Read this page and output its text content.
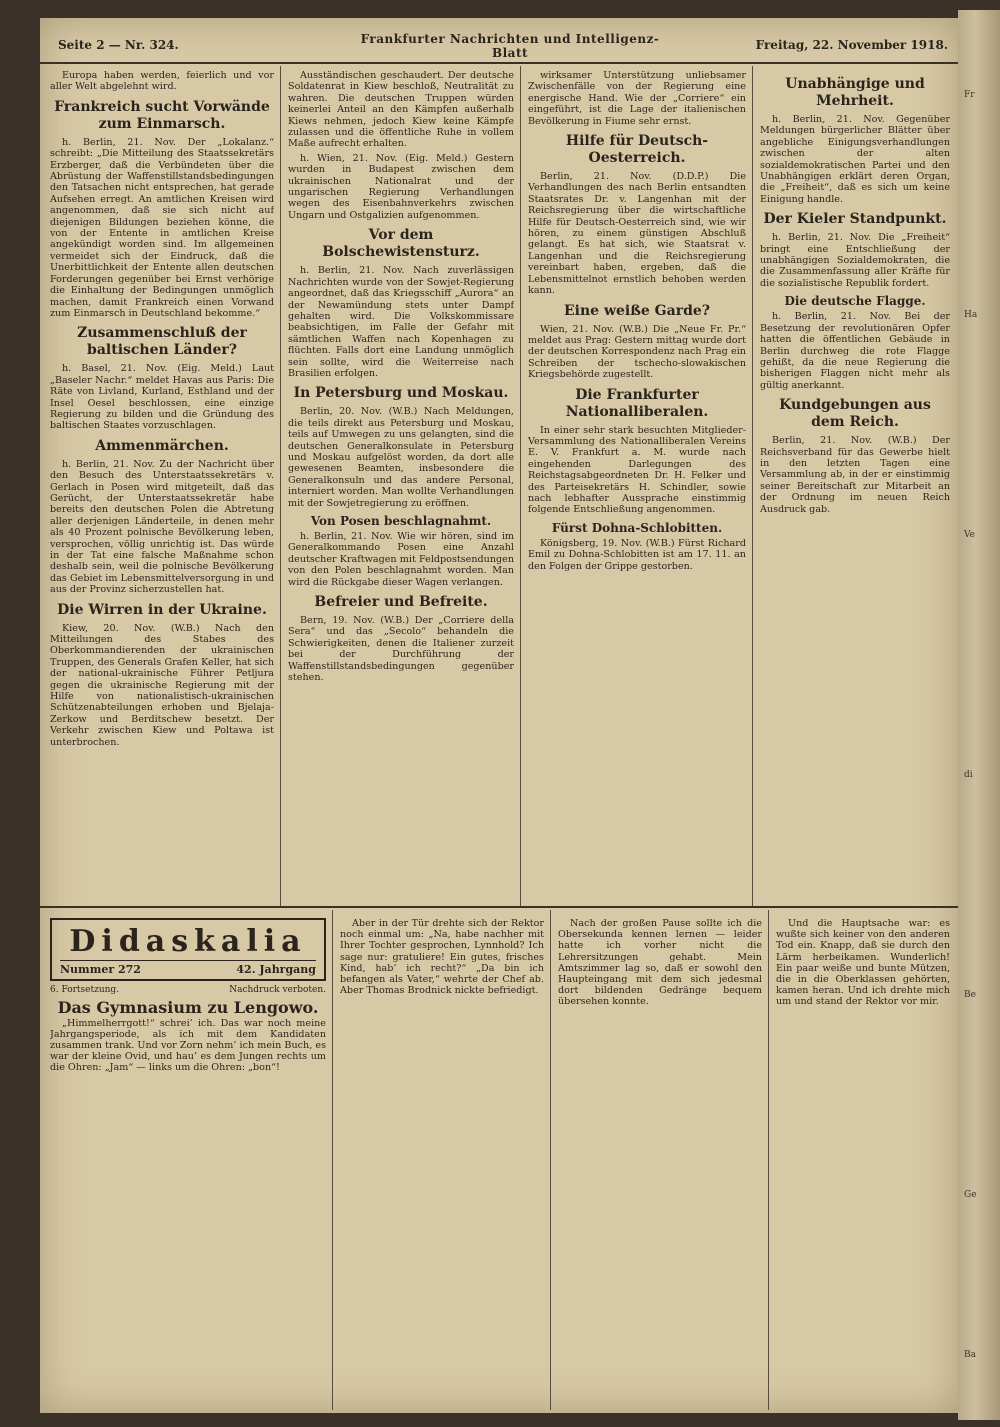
Fr
Ha
Ve
di
Be
Ge
Ba
Seite 2 — Nr. 324.	Frankfurter Nachrichten und Intelligenz-Blatt
Freitag, 22. November 1918.

Europa haben werden, feierlich und vor aller Welt abgelehnt wird.

Frankreich sucht Vorwände zum Einmarsch.

h. Berlin, 21. Nov. Der „Lokalanz.“ schreibt: „Die Mitteilung des Staatssekretärs Erzberger, daß die Verbündeten über die Abrüstung der Waffenstillstandsbedingungen den Tatsachen nicht entsprechen, hat gerade Aufsehen erregt. An amtlichen Kreisen wird angenommen, daß sie sich nicht auf diejenigen Bildungen beziehen könne, die von der Entente in amtlichen Kreise angekündigt worden sind. Im allgemeinen vermeidet sich der Eindruck, daß die Unerbittlichkeit der Entente allen deutschen Forderungen gegenüber bei Ernst verhörige die Einhaltung der Bedingungen unmöglich machen, damit Frankreich einen Vorwand zum Einmarsch in Deutschland bekomme.“

Zusammenschluß der baltischen Länder?

h. Basel, 21. Nov. (Eig. Meld.) Laut „Baseler Nachr.“ meldet Havas aus Paris: Die Räte von Livland, Kurland, Esthland und der Insel Oesel beschlossen, eine einzige Regierung zu bilden und die Gründung des baltischen Staates vorzuschlagen.

Ammenmärchen.

h. Berlin, 21. Nov. Zu der Nachricht über den Besuch des Unterstaatssekretärs v. Gerlach in Posen wird mitgeteilt, daß das Gerücht, der Unterstaatssekretär habe bereits den deutschen Polen die Abtretung aller derjenigen Länderteile, in denen mehr als 40 Prozent polnische Bevölkerung leben, versprochen, völlig unrichtig ist. Das würde in der Tat eine falsche Maßnahme schon deshalb sein, weil die polnische Bevölkerung das Gebiet im Lebensmittelversorgung in und aus der Provinz sicherzustellen hat.

Die Wirren in der Ukraine.

Kiew, 20. Nov. (W.B.) Nach den Mitteilungen des Stabes des Oberkommandierenden der ukrainischen Truppen, des Generals Grafen Keller, hat sich der national-ukrainische Führer Petljura gegen die ukrainische Regierung mit der Hilfe von nationalistisch-ukrainischen Schützenabteilungen erhoben und Bjelaja-Zerkow und Berditschew besetzt. Der Verkehr zwischen Kiew und Poltawa ist unterbrochen.

Ausständischen geschaudert. Der deutsche Soldatenrat in Kiew beschloß, Neutralität zu wahren. Die deutschen Truppen würden keinerlei Anteil an den Kämpfen außerhalb Kiews nehmen, jedoch Kiew keine Kämpfe zulassen und die öffentliche Ruhe in vollem Maße aufrecht erhalten.

h. Wien, 21. Nov. (Eig. Meld.) Gestern wurden in Budapest zwischen dem ukrainischen Nationalrat und der ungarischen Regierung Verhandlungen wegen des Eisenbahnverkehrs zwischen Ungarn und Ostgalizien aufgenommen.

Vor dem Bolschewistensturz.

h. Berlin, 21. Nov. Nach zuverlässigen Nachrichten wurde von der Sowjet-Regierung angeordnet, daß das Kriegsschiff „Aurora“ an der Newamündung stets unter Dampf gehalten wird. Die Volkskommissare beabsichtigen, im Falle der Gefahr mit sämtlichen Waffen nach Kopenhagen zu flüchten. Falls dort eine Landung unmöglich sein sollte, wird die Weiterreise nach Brasilien erfolgen.

In Petersburg und Moskau.

Berlin, 20. Nov. (W.B.) Nach Meldungen, die teils direkt aus Petersburg und Moskau, teils auf Umwegen zu uns gelangten, sind die deutschen Generalkonsulate in Petersburg und Moskau aufgelöst worden, da dort alle gewesenen Beamten, insbesondere die Generalkonsuln und das andere Personal, interniert worden. Man wollte Verhandlungen mit der Sowjetregierung zu eröffnen.

Von Posen beschlagnahmt.

h. Berlin, 21. Nov. Wie wir hören, sind im Generalkommando Posen eine Anzahl deutscher Kraftwagen mit Feldpostsendungen von den Polen beschlagnahmt worden. Man wird die Rückgabe dieser Wagen verlangen.

Befreier und Befreite.

Bern, 19. Nov. (W.B.) Der „Corriere della Sera“ und das „Secolo“ behandeln die Schwierigkeiten, denen die Italiener zurzeit bei der Durchführung der Waffenstillstandsbedingungen gegenüber stehen.

wirksamer Unterstützung unliebsamer Zwischenfälle von der Regierung eine energische Hand. Wie der „Corriere“ ein eingeführt, ist die Lage der italienischen Bevölkerung in Fiume sehr ernst.

Hilfe für Deutsch-Oesterreich.

Berlin, 21. Nov. (D.D.P.) Die Verhandlungen des nach Berlin entsandten Staatsrates Dr. v. Langenhan mit der Reichsregierung über die wirtschaftliche Hilfe für Deutsch-Oesterreich sind, wie wir hören, zu einem günstigen Abschluß gelangt. Es hat sich, wie Staatsrat v. Langenhan und die Reichsregierung vereinbart haben, ergeben, daß die Lebensmittelnot ernstlich behoben werden kann.

Eine weiße Garde?

Wien, 21. Nov. (W.B.) Die „Neue Fr. Pr.“ meldet aus Prag: Gestern mittag wurde dort der deutschen Korrespondenz nach Prag ein Schreiben der tschecho-slowakischen Kriegsbehörde zugestellt.

Die Frankfurter Nationalliberalen.

In einer sehr stark besuchten Mitglieder-Versammlung des Nationalliberalen Vereins E. V. Frankfurt a. M. wurde nach eingehenden Darlegungen des Reichstagsabgeordneten Dr. H. Felker und des Parteisekretärs H. Schindler, sowie nach lebhafter Aussprache einstimmig folgende Entschließung angenommen.

Fürst Dohna-Schlobitten.

Königsberg, 19. Nov. (W.B.) Fürst Richard Emil zu Dohna-Schlobitten ist am 17. 11. an den Folgen der Grippe gestorben.

Unabhängige und Mehrheit.

h. Berlin, 21. Nov. Gegenüber Meldungen bürgerlicher Blätter über angebliche Einigungsverhandlungen zwischen der alten sozialdemokratischen Partei und den Unabhängigen erklärt deren Organ, die „Freiheit“, daß es sich um keine Einigung handle.

Der Kieler Standpunkt.

h. Berlin, 21. Nov. Die „Freiheit“ bringt eine Entschließung der unabhängigen Sozialdemokraten, die die Zusammenfassung aller Kräfte für die sozialistische Republik fordert.

Die deutsche Flagge.

h. Berlin, 21. Nov. Bei der Besetzung der revolutionären Opfer hatten die öffentlichen Gebäude in Berlin durchweg die rote Flagge gehißt, da die neue Regierung die bisherigen Flaggen nicht mehr als gültig anerkannt.

Kundgebungen aus dem Reich.

Berlin, 21. Nov. (W.B.) Der Reichsverband für das Gewerbe hielt in den letzten Tagen eine Versammlung ab, in der er einstimmig seiner Bereitschaft zur Mitarbeit an der Ordnung im neuen Reich Ausdruck gab.

Didaskalia
Nummer 272	42. Jahrgang
6. Fortsetzung.	Nachdruck verboten.
Das Gymnasium zu Lengowo.

„Himmelherrgott!“ schrei’ ich. Das war noch meine Jahrgangsperiode, als ich mit dem Kandidaten zusammen trank. Und vor Zorn nehm’ ich mein Buch, es war der kleine Ovid, und hau’ es dem Jungen rechts um die Ohren: „Jam“ — links um die Ohren: „bon“!

Aber in der Tür drehte sich der Rektor noch einmal um: „Na, habe nachher mit Ihrer Tochter gesprochen, Lynnhold? Ich sage nur: gratuliere! Ein gutes, frisches Kind, hab’ ich recht?“ „Da bin ich befangen als Vater,“ wehrte der Chef ab. Aber Thomas Brodnick nickte befriedigt.

Nach der großen Pause sollte ich die Obersekunda kennen lernen — leider hatte ich vorher nicht die Lehrersitzungen gehabt. Mein Amtszimmer lag so, daß er sowohl den Haupteingang mit dem sich jedesmal dort bildenden Gedränge bequem übersehen konnte.

Und die Hauptsache war: es wußte sich keiner von den anderen Tod ein. Knapp, daß sie durch den Lärm herbeikamen. Wunderlich! Ein paar weiße und bunte Mützen, die in die Oberklassen gehörten, kamen heran. Und ich drehte mich um und stand der Rektor vor mir.
